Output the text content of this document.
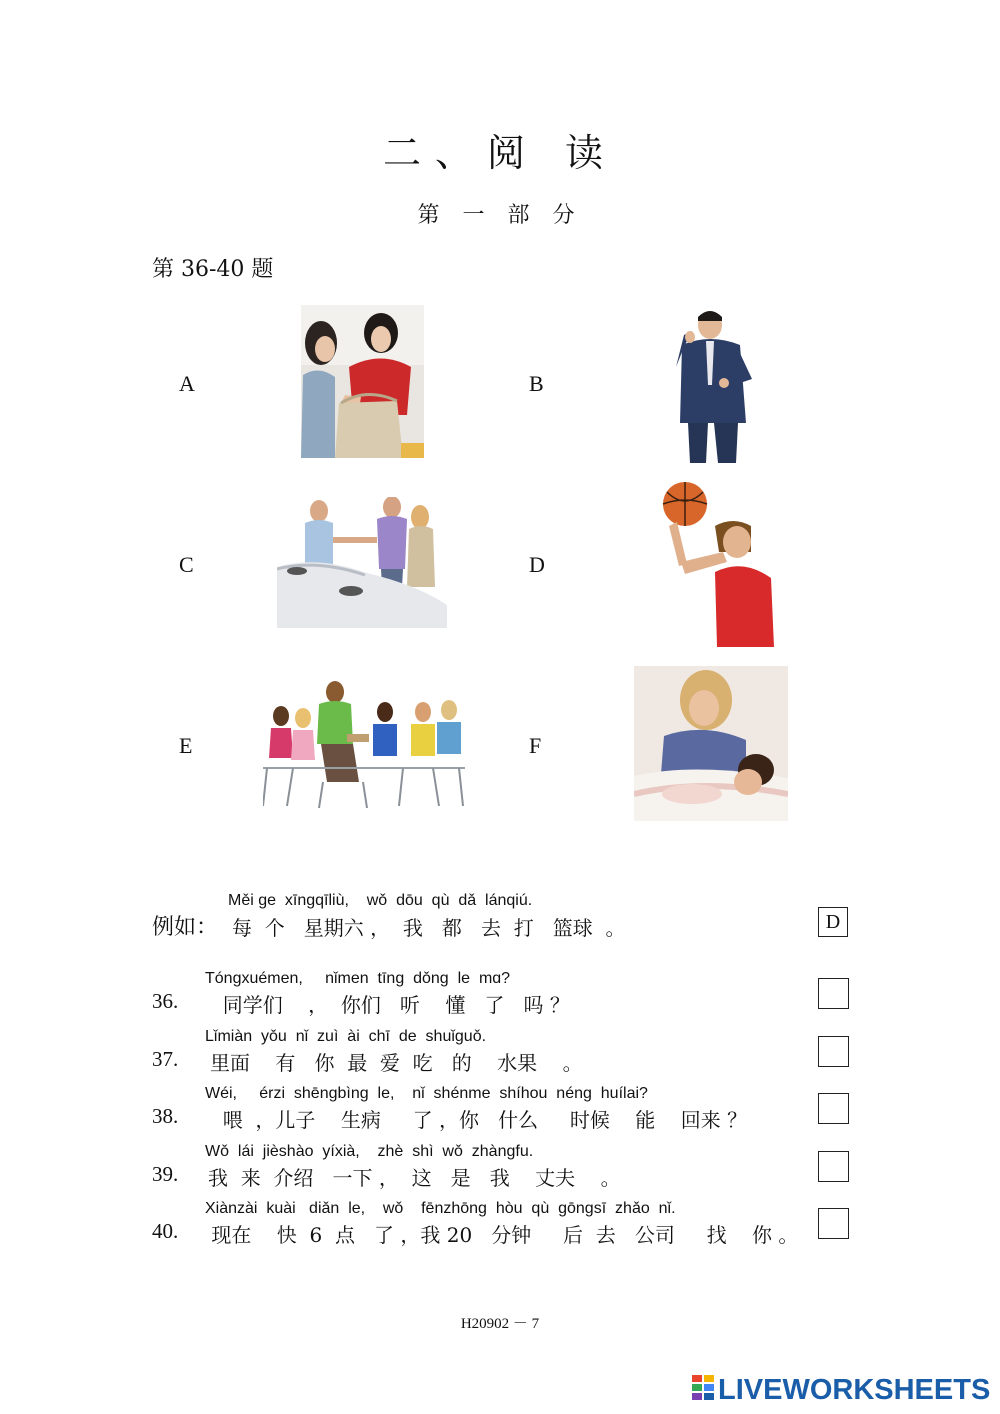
二、阅 读
第 一 部 分
第 36-40 题
A	B
C	D
E	F
Měi ge  xīngqīliù,    wǒ  dōu  qù  dǎ  lánqiú.
例如： 每  个   星期六 ，  我   都   去  打   篮球  。	D
Tóngxuémen,     nǐmen  tīng  dǒng  le  mɑ?
36. 同学们    ，  你们   听    懂   了   吗 ？
Lǐmiàn  yǒu  nǐ  zuì  ài  chī  de  shuǐguǒ.
37. 里面    有   你  最  爱  吃   的    水果    。
Wéi,     érzi  shēngbìng  le,    nǐ  shénme  shíhou  néng  huílai?
38. 喂  ，儿子    生病     了 ，你   什么     时候    能    回来 ？
Wǒ  lái  jièshào  yíxià,    zhè  shì  wǒ  zhàngfu.
39. 我  来  介绍   一下 ，  这   是   我    丈夫    。
Xiànzài  kuài   diǎn  le,    wǒ    fēnzhōng  hòu  qù  gōngsī  zhǎo  nǐ.
40. 现在    快  6  点   了 ，我 20   分钟     后  去   公司     找    你 。
H20902 － 7
LIVEWORKSHEETS
